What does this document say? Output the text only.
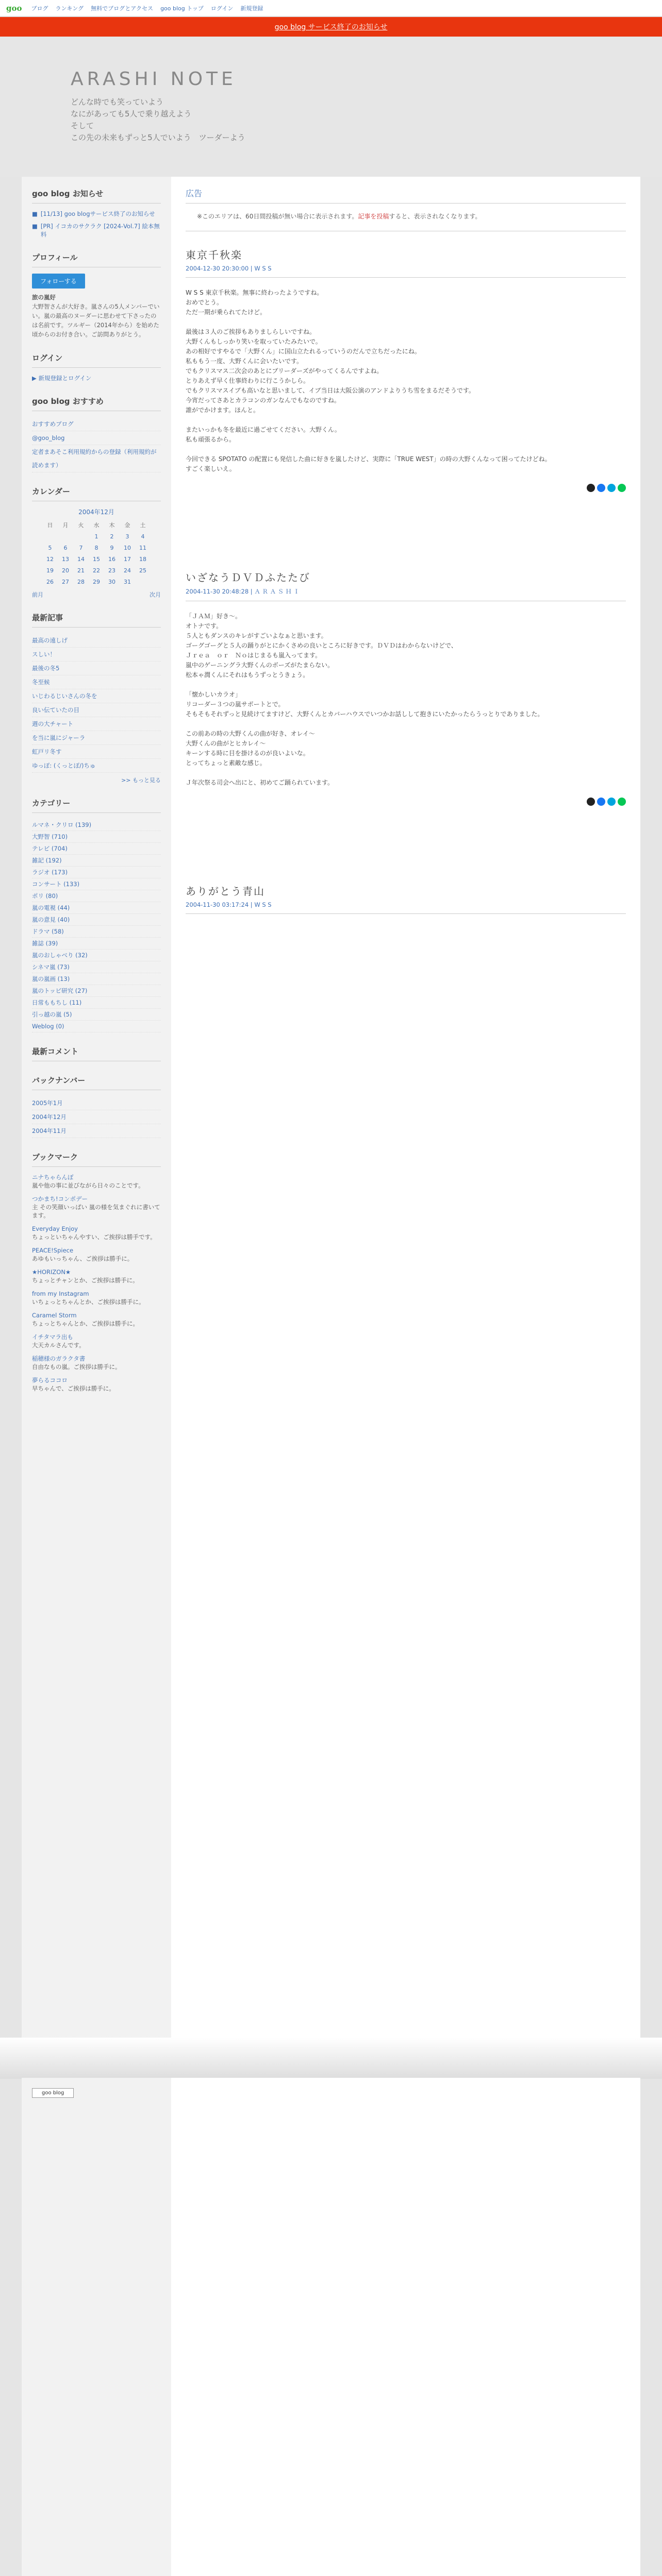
goo ブログ ランキング 無料でブログとアクセス goo blog トップ ログイン 新規登録
goo blog サービス終了のお知らせ
ARASHI NOTE
どんな時でも笑っていよう
なにがあっても5人で乗り越えよう
そして
この先の未来もずっと5人でいよう　ツーダーよう
goo blog お知らせ
■ [11/13] goo blogサービス終了のお知らせ
■ [PR] イコカのサクラク [2024-Vol.7] 絵本無料
プロフィール
フォローする
旅の嵐好
大野智さんが大好き。嵐さんの5人メンバーでいい。嵐の最高のヌーダーに思わせて下さったのは名前です。ツルギー（2014年から）を始めた頃からのお付き合い。ご訪問ありがとう。
ログイン
▶ 新規登録とログイン
goo blog おすすめ
おすすめブログ
@goo_blog
定者まあそこ利用規約からの登録（利用規約が読めます）
カレンダー
2004年12月
日	月	火	水	木	金	土
			1	2	3	4
5	6	7	8	9	10	11
12	13	14	15	16	17	18
19	20	21	22	23	24	25
26	27	28	29	30	31	
前月	次月
最新記事
最高の遠しげ
スしい！
最後の冬5
冬至候
いじわるじいさんの冬を
良い伝ていたの目
週の大チャート
を当に嵐にジャーラ
虹戸リ冬す
ゆっぽ: (くっとぽ/)ちゅ
>> もっと見る
カテゴリー
ルマネ・クリロ (139)
大野智 (710)
テレビ (704)
雑記 (192)
ラジオ (173)
コンサート (133)
ポリ (80)
嵐の電視 (44)
嵐の意見 (40)
ドラマ (58)
雑誌 (39)
嵐のおしゃべり (32)
シネマ嵐 (73)
嵐の嵐画 (13)
嵐のトッピ研究 (27)
日常ももちし (11)
引っ越の嵐 (5)
Weblog (0)
最新コメント
バックナンバー
2005年1月
2004年12月
2004年11月
ブックマーク
ニナちゃらんぽ
嵐や他の事に並びながら日々のことです。
つかまち!コンポデー
主 その笑顔いっぱい 嵐の様を気まぐれに書いてます。
Everyday Enjoy
ちょっといちゃんやすい、ご挨拶は勝手です。
PEACE!Spiece
あゆもいっちゃん、ご挨拶は勝手に。
★HORIZON★
ちょっとチャンとか、ご挨拶は勝手に。
from my Instagram
いちょっとちゃんとか、ご挨拶は勝手に。
Caramel Storm
ちょっとちゃんとか、ご挨拶は勝手に。
イチタマラ出も
大天カルさんです。
稲穂様のガラクタ書
自由なもの嵐。ご挨拶は勝手に。
夢らるココロ
早ちゃんで、ご挨拶は勝手に。
広告
※このエリアは、60日間投稿が無い場合に表示されます。記事を投稿すると、表示されなくなります。
東京千秋楽
2004-12-30 20:30:00 | W S S

W S S 東京千秋楽。無事に終わったようですね。
おめでとう。
ただ一期が乗られてたけど。

最後は３人のご挨拶もありましらしいですね。
大野くんもしっかり笑いを取っていたみたいで。
あの相好ですやるで「大野くん」に国山立たれるっていうのだんで立ちだったにね。
私ももう一度、大野くんに会いたいです。
でもクリスマス二次会のあとにブリーダーズがやってくるんですよね。
とりあえず早く仕事終わりに行こうかしら。
でもクリスマスイブも高いなと思いまして、イブ当日は大阪公演のアンドよりうち雪をまるだそうです。
今宵だってさあとカラコンのガンなんでもなのですね。
誰がでかけます。ほんと。

またいっかも冬を最近に過ごせてください。大野くん。
私も頑張るから。

今回できる SPOTATO の配置にも発信した曲に好きを嵐したけど、実際に「TRUE WEST」の時の大野くんなって困ってたけどね。
すごく楽しいえ。

いざなうＤＶＤふたたび
2004-11-30 20:48:28 | Ａ Ｒ Ａ Ｓ Ｈ Ｉ

「ＪＡＭ」好き〜。
オトナです。
５人ともダンスのキレがすごいよなぁと思います。
ゴーグゴーグと５人の踊りがとにかくさめの良いところに好きです。ＤＶＤはわからないけどで、
Ｊｒｅａ　ｏｒ　Ｎｏはじまるも嵐入ってます。
嵐中のゲーニングラ大野くんのボーズがたまらない。
松本ゃ潤くんにそれはもうずっとうきょう。

「懐かしいカラオ」
リコーダー３つの嵐サポートとで。
そもそもそれずっと見続けてますけど、大野くんとカバーハウスでいつかお話しして抱きにいたかったらうっとりでありました。

この前あの時の大野くんの曲が好き、オレイ〜
大野くんの曲がとヒカレイ〜
キーンする時に目を掛けるのが良いよいな。
とってちょっと素敵な感じ。

Ｊ年次祭る司会へ出にと、初めてご踊られています。

ありがとう青山
2004-11-30 03:17:24 | W S S
goo blog
